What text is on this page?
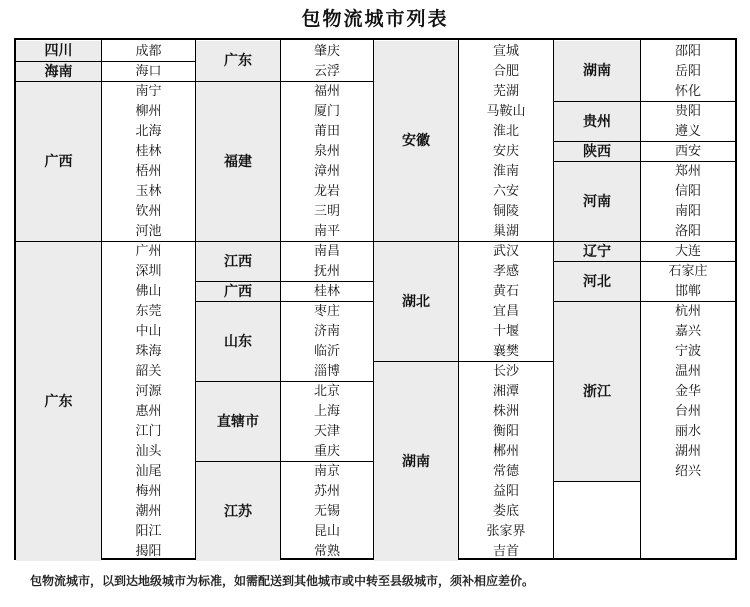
包物流城市列表
四川
海南
广西
广东
成都
海口
南宁
柳州
北海
桂林
梧州
玉林
钦州
河池
广州
深圳
佛山
东莞
中山
珠海
韶关
河源
惠州
江门
汕头
汕尾
梅州
潮州
阳江
揭阳
广东
福建
江西
广西
山东
直辖市
江苏
肇庆
云浮
福州
厦门
莆田
泉州
漳州
龙岩
三明
南平
南昌
抚州
桂林
枣庄
济南
临沂
淄博
北京
上海
天津
重庆
南京
苏州
无锡
昆山
常熟
安徽
湖北
湖南
宣城
合肥
芜湖
马鞍山
淮北
安庆
淮南
六安
铜陵
巢湖
武汉
孝感
黄石
宜昌
十堰
襄樊
长沙
湘潭
株洲
衡阳
郴州
常德
益阳
娄底
张家界
吉首
湖南
贵州
陕西
河南
辽宁
河北
浙江
邵阳
岳阳
怀化
贵阳
遵义
西安
郑州
信阳
南阳
洛阳
大连
石家庄
邯郸
杭州
嘉兴
宁波
温州
金华
台州
丽水
湖州
绍兴
包物流城市，以到达地级城市为标准，如需配送到其他城市或中转至县级城市，须补相应差价。
